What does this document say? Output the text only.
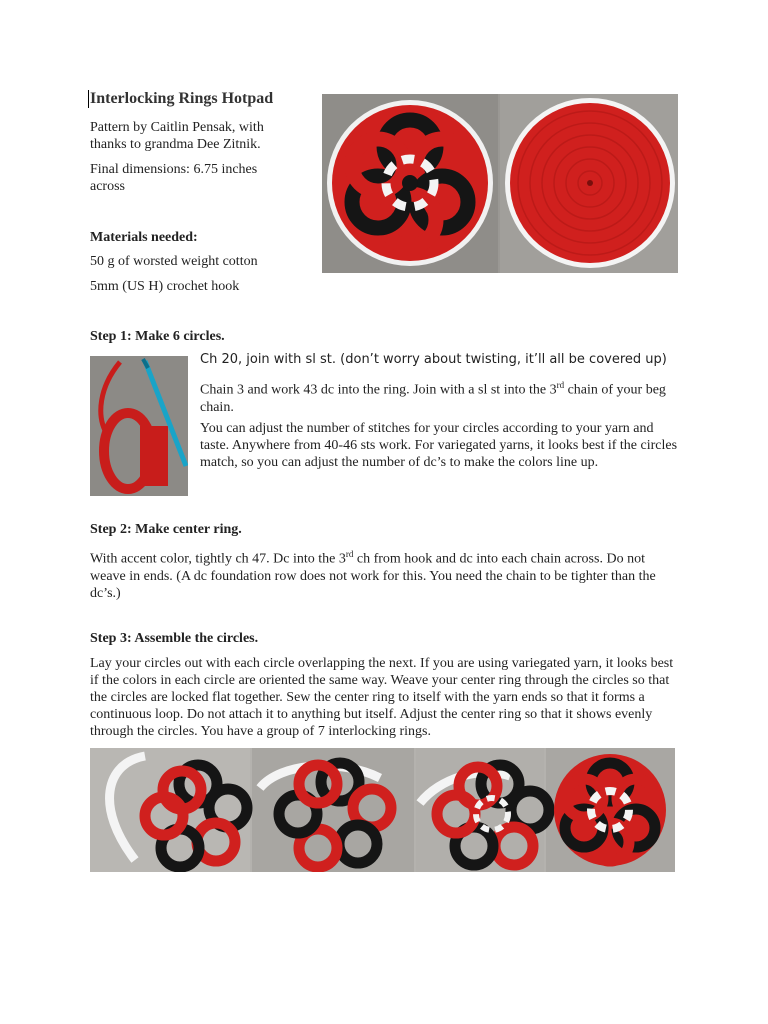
Interlocking Rings Hotpad
Pattern by Caitlin Pensak, with thanks to grandma Dee Zitnik.
Final dimensions: 6.75 inches across
Materials needed:
50 g of worsted weight cotton
5mm (US H) crochet hook
Step 1: Make 6 circles.
Ch 20, join with sl st. (don’t worry about twisting, it’ll all be covered up)
Chain 3 and work 43 dc into the ring. Join with a sl st into the 3rd chain of your beg chain.
You can adjust the number of stitches for your circles according to your yarn and taste. Anywhere from 40-46 sts work. For variegated yarns, it looks best if the circles match, so you can adjust the number of dc’s to make the colors line up.
Step 2: Make center ring.
With accent color, tightly ch 47. Dc into the 3rd ch from hook and dc into each chain across. Do not weave in ends. (A dc foundation row does not work for this. You need the chain to be tighter than the dc’s.)
Step 3: Assemble the circles.
Lay your circles out with each circle overlapping the next. If you are using variegated yarn, it looks best if the colors in each circle are oriented the same way. Weave your center ring through the circles so that the circles are locked flat together. Sew the center ring to itself with the yarn ends so that it forms a continuous loop. Do not attach it to anything but itself. Adjust the center ring so that it shows evenly through the circles. You have a group of 7 interlocking rings.
